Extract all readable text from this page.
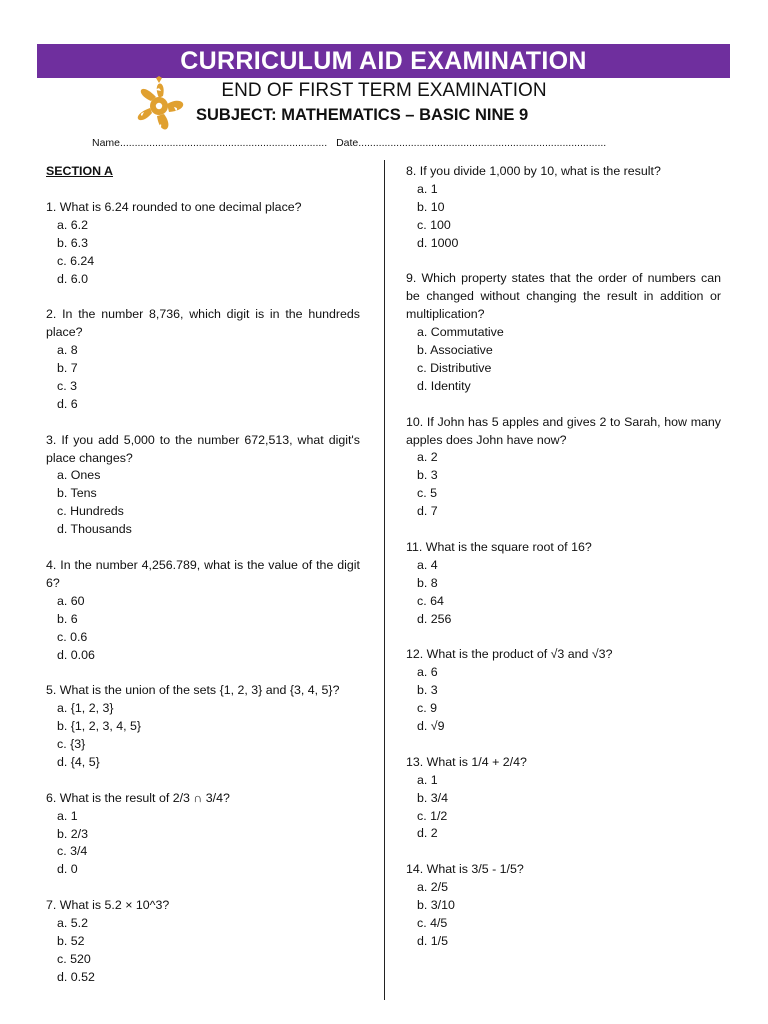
CURRICULUM AID EXAMINATION
END OF FIRST TERM EXAMINATION
SUBJECT: MATHEMATICS – BASIC NINE 9
Name....................................................................... Date.....................................................................................
SECTION A
1. What is 6.24 rounded to one decimal place?
a. 6.2
b. 6.3
c. 6.24
d. 6.0
2. In the number 8,736, which digit is in the hundreds place?
a. 8
b. 7
c. 3
d. 6
3. If you add 5,000 to the number 672,513, what digit's place changes?
a. Ones
b. Tens
c. Hundreds
d. Thousands
4. In the number 4,256.789, what is the value of the digit 6?
a. 60
b. 6
c. 0.6
d. 0.06
5. What is the union of the sets {1, 2, 3} and {3, 4, 5}?
a. {1, 2, 3}
b. {1, 2, 3, 4, 5}
c. {3}
d. {4, 5}
6. What is the result of 2/3 ∩ 3/4?
a. 1
b. 2/3
c. 3/4
d. 0
7. What is 5.2 × 10^3?
a. 5.2
b. 52
c. 520
d. 0.52
8. If you divide 1,000 by 10, what is the result?
a. 1
b. 10
c. 100
d. 1000
9. Which property states that the order of numbers can be changed without changing the result in addition or multiplication?
a. Commutative
b. Associative
c. Distributive
d. Identity
10. If John has 5 apples and gives 2 to Sarah, how many apples does John have now?
a. 2
b. 3
c. 5
d. 7
11. What is the square root of 16?
a. 4
b. 8
c. 64
d. 256
12. What is the product of √3 and √3?
a. 6
b. 3
c. 9
d. √9
13. What is 1/4 + 2/4?
a. 1
b. 3/4
c. 1/2
d. 2
14. What is 3/5 - 1/5?
a. 2/5
b. 3/10
c. 4/5
d. 1/5
